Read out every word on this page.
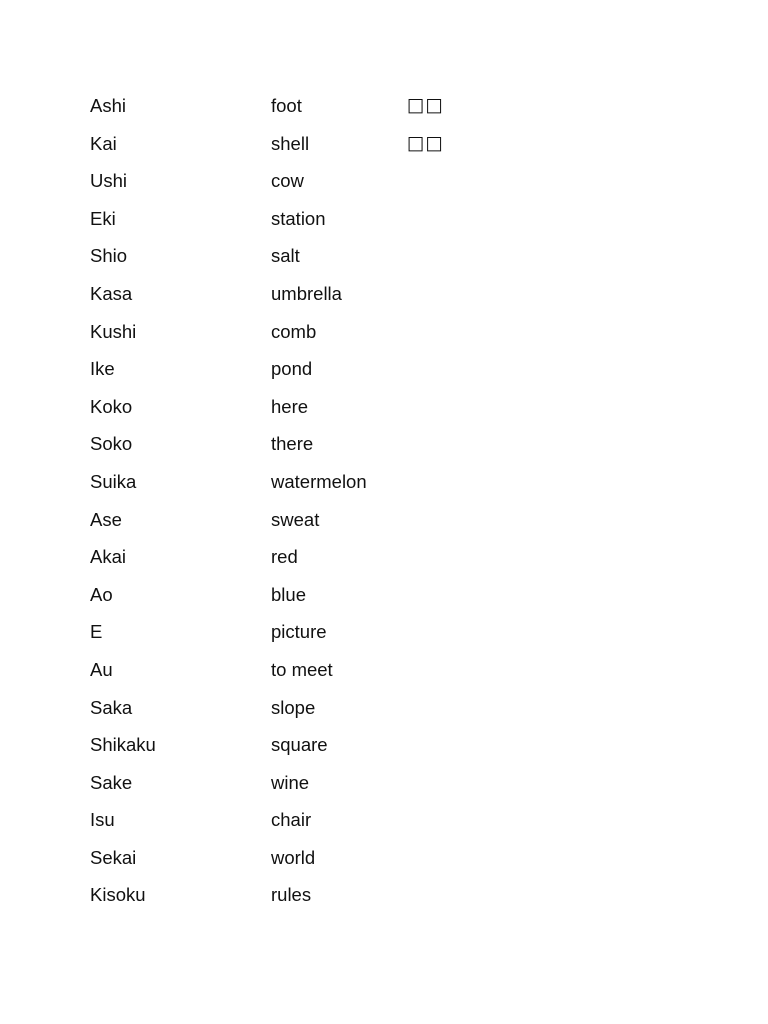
Ashi	foot	□□
Kai	shell	□□
Ushi	cow	
Eki	station	
Shio	salt	
Kasa	umbrella	
Kushi	comb	
Ike	pond	
Koko	here	
Soko	there	
Suika	watermelon	
Ase	sweat	
Akai	red	
Ao	blue	
E	picture	
Au	to meet	
Saka	slope	
Shikaku	square	
Sake	wine	
Isu	chair	
Sekai	world	
Kisoku	rules	
